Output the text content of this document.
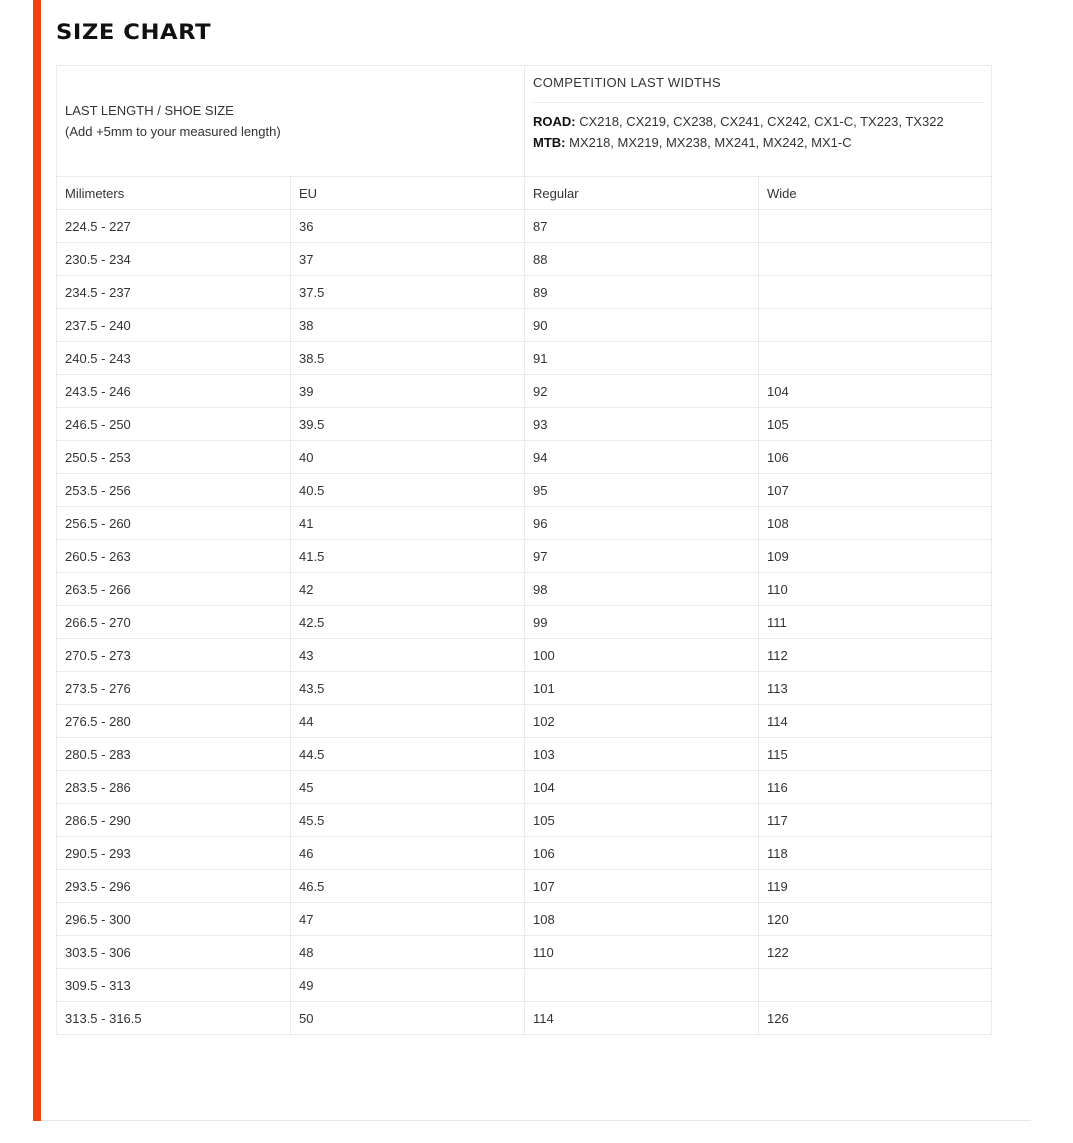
SIZE CHART
LAST LENGTH / SHOE SIZE
(Add +5mm to your measured length)		COMPETITION LAST WIDTHS
ROAD: CX218, CX219, CX238, CX241, CX242, CX1-C, TX223, TX322
MTB: MX218, MX219, MX238, MX241, MX242, MX1-C	

Milimeters	EU	Regular	Wide
224.5 - 227	36	87	
230.5 - 234	37	88	
234.5 - 237	37.5	89	
237.5 - 240	38	90	
240.5 - 243	38.5	91	
243.5 - 246	39	92	104
246.5 - 250	39.5	93	105
250.5 - 253	40	94	106
253.5 - 256	40.5	95	107
256.5 - 260	41	96	108
260.5 - 263	41.5	97	109
263.5 - 266	42	98	110
266.5 - 270	42.5	99	111
270.5 - 273	43	100	112
273.5 - 276	43.5	101	113
276.5 - 280	44	102	114
280.5 - 283	44.5	103	115
283.5 - 286	45	104	116
286.5 - 290	45.5	105	117
290.5 - 293	46	106	118
293.5 - 296	46.5	107	119
296.5 - 300	47	108	120
303.5 - 306	48	110	122
309.5 - 313	49		
313.5 - 316.5	50	114	126
